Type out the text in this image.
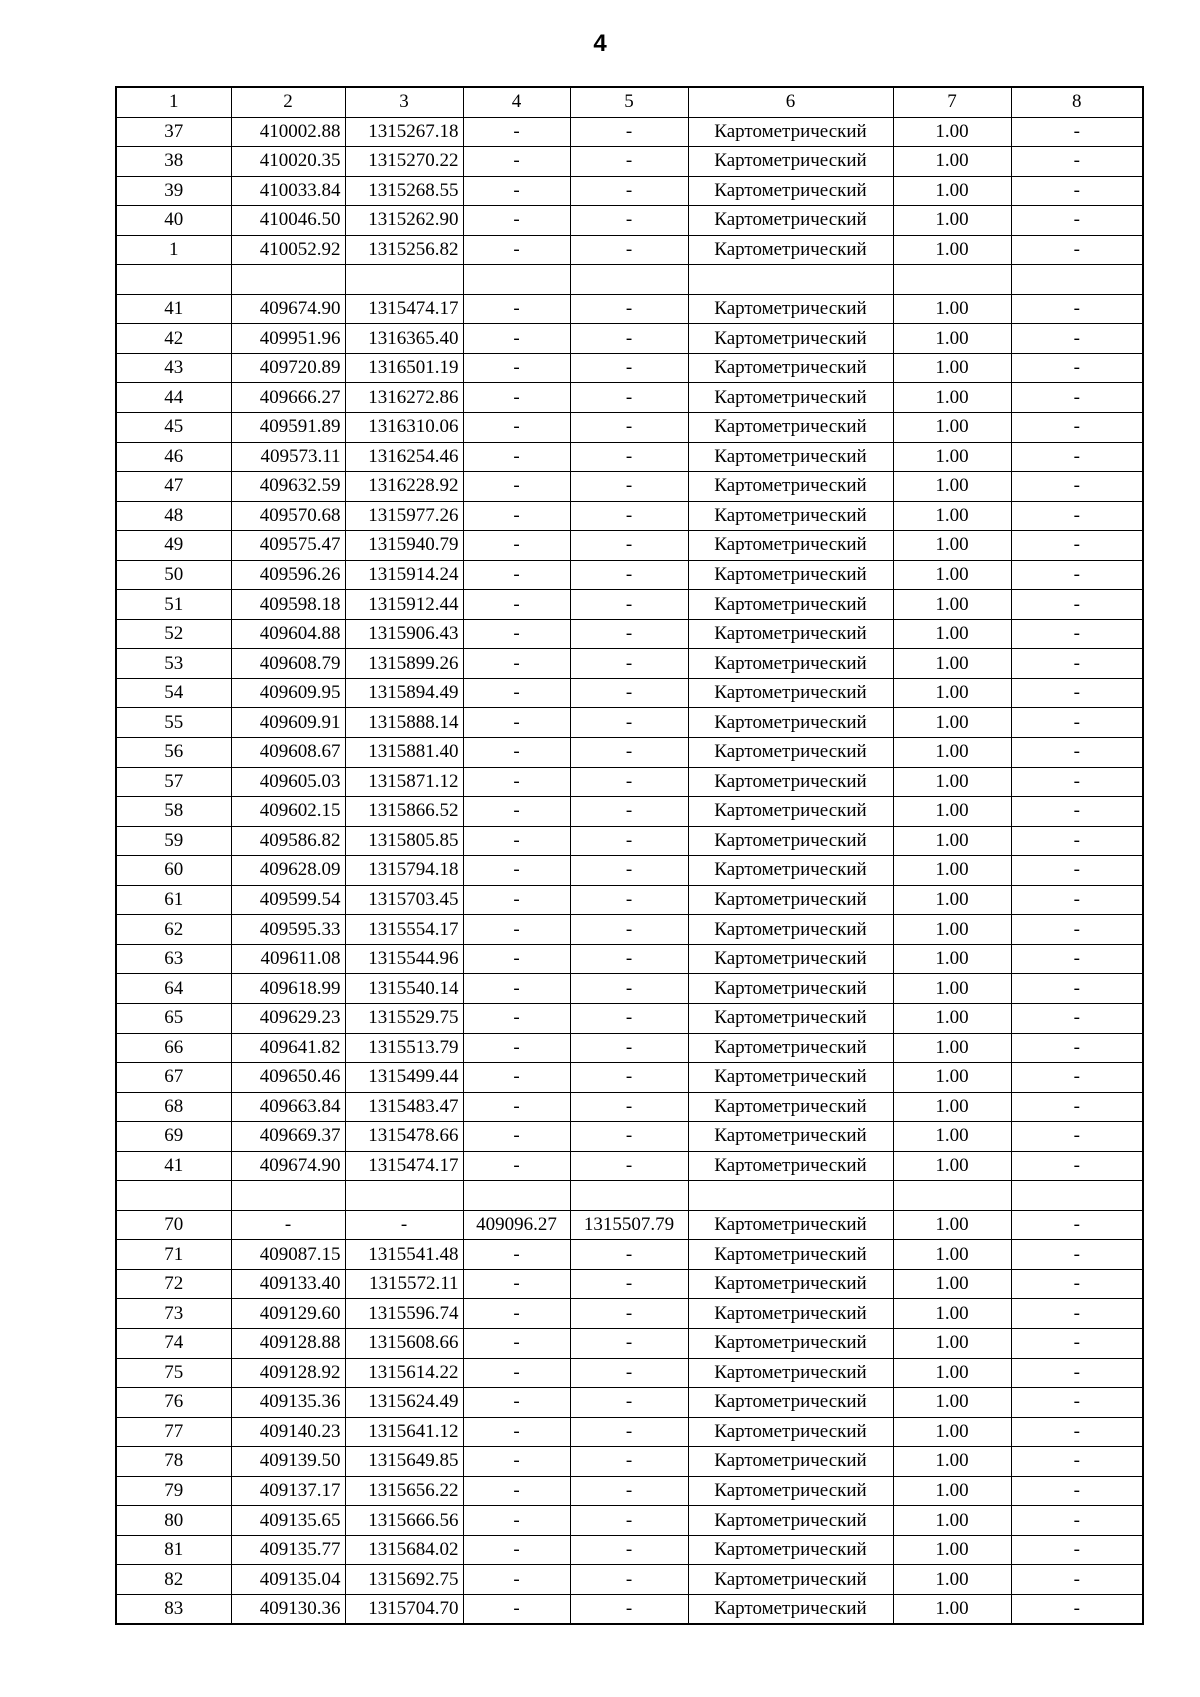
4
1	2	3	4	5	6	7	8
37	410002.88	1315267.18	-	-	Картометрический	1.00	-
38	410020.35	1315270.22	-	-	Картометрический	1.00	-
39	410033.84	1315268.55	-	-	Картометрический	1.00	-
40	410046.50	1315262.90	-	-	Картометрический	1.00	-
1	410052.92	1315256.82	-	-	Картометрический	1.00	-

41	409674.90	1315474.17	-	-	Картометрический	1.00	-
42	409951.96	1316365.40	-	-	Картометрический	1.00	-
43	409720.89	1316501.19	-	-	Картометрический	1.00	-
44	409666.27	1316272.86	-	-	Картометрический	1.00	-
45	409591.89	1316310.06	-	-	Картометрический	1.00	-
46	409573.11	1316254.46	-	-	Картометрический	1.00	-
47	409632.59	1316228.92	-	-	Картометрический	1.00	-
48	409570.68	1315977.26	-	-	Картометрический	1.00	-
49	409575.47	1315940.79	-	-	Картометрический	1.00	-
50	409596.26	1315914.24	-	-	Картометрический	1.00	-
51	409598.18	1315912.44	-	-	Картометрический	1.00	-
52	409604.88	1315906.43	-	-	Картометрический	1.00	-
53	409608.79	1315899.26	-	-	Картометрический	1.00	-
54	409609.95	1315894.49	-	-	Картометрический	1.00	-
55	409609.91	1315888.14	-	-	Картометрический	1.00	-
56	409608.67	1315881.40	-	-	Картометрический	1.00	-
57	409605.03	1315871.12	-	-	Картометрический	1.00	-
58	409602.15	1315866.52	-	-	Картометрический	1.00	-
59	409586.82	1315805.85	-	-	Картометрический	1.00	-
60	409628.09	1315794.18	-	-	Картометрический	1.00	-
61	409599.54	1315703.45	-	-	Картометрический	1.00	-
62	409595.33	1315554.17	-	-	Картометрический	1.00	-
63	409611.08	1315544.96	-	-	Картометрический	1.00	-
64	409618.99	1315540.14	-	-	Картометрический	1.00	-
65	409629.23	1315529.75	-	-	Картометрический	1.00	-
66	409641.82	1315513.79	-	-	Картометрический	1.00	-
67	409650.46	1315499.44	-	-	Картометрический	1.00	-
68	409663.84	1315483.47	-	-	Картометрический	1.00	-
69	409669.37	1315478.66	-	-	Картометрический	1.00	-
41	409674.90	1315474.17	-	-	Картометрический	1.00	-

70	-	-	409096.27	1315507.79	Картометрический	1.00	-
71	409087.15	1315541.48	-	-	Картометрический	1.00	-
72	409133.40	1315572.11	-	-	Картометрический	1.00	-
73	409129.60	1315596.74	-	-	Картометрический	1.00	-
74	409128.88	1315608.66	-	-	Картометрический	1.00	-
75	409128.92	1315614.22	-	-	Картометрический	1.00	-
76	409135.36	1315624.49	-	-	Картометрический	1.00	-
77	409140.23	1315641.12	-	-	Картометрический	1.00	-
78	409139.50	1315649.85	-	-	Картометрический	1.00	-
79	409137.17	1315656.22	-	-	Картометрический	1.00	-
80	409135.65	1315666.56	-	-	Картометрический	1.00	-
81	409135.77	1315684.02	-	-	Картометрический	1.00	-
82	409135.04	1315692.75	-	-	Картометрический	1.00	-
83	409130.36	1315704.70	-	-	Картометрический	1.00	-
